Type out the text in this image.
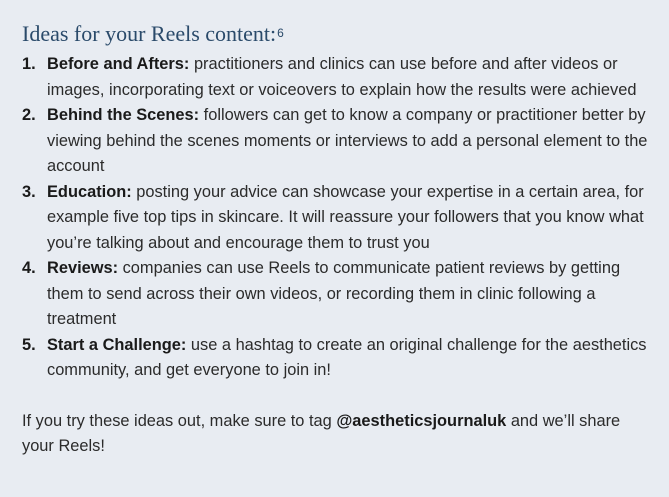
Ideas for your Reels content:$^6$
1. Before and Afters: practitioners and clinics can use before and after videos or images, incorporating text or voiceovers to explain how the results were achieved
2. Behind the Scenes: followers can get to know a company or practitioner better by viewing behind the scenes moments or interviews to add a personal element to the account
3. Education: posting your advice can showcase your expertise in a certain area, for example five top tips in skincare. It will reassure your followers that you know what you’re talking about and encourage them to trust you
4. Reviews: companies can use Reels to communicate patient reviews by getting them to send across their own videos, or recording them in clinic following a treatment
5. Start a Challenge: use a hashtag to create an original challenge for the aesthetics community, and get everyone to join in!

If you try these ideas out, make sure to tag @aestheticsjournaluk and we’ll share your Reels!
